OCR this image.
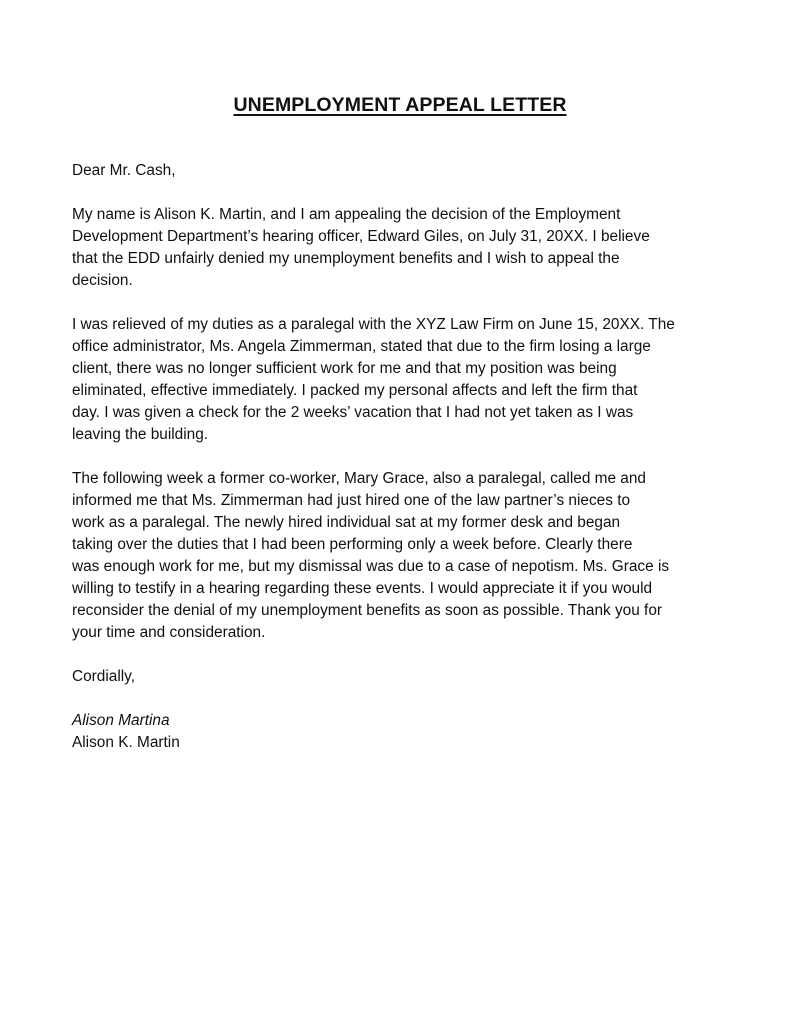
UNEMPLOYMENT APPEAL LETTER

Dear Mr. Cash,

My name is Alison K. Martin, and I am appealing the decision of the Employment
Development Department’s hearing officer, Edward Giles, on July 31, 20XX. I believe
that the EDD unfairly denied my unemployment benefits and I wish to appeal the
decision.

I was relieved of my duties as a paralegal with the XYZ Law Firm on June 15, 20XX. The
office administrator, Ms. Angela Zimmerman, stated that due to the firm losing a large
client, there was no longer sufficient work for me and that my position was being
eliminated, effective immediately. I packed my personal affects and left the firm that
day. I was given a check for the 2 weeks’ vacation that I had not yet taken as I was
leaving the building.

The following week a former co-worker, Mary Grace, also a paralegal, called me and
informed me that Ms. Zimmerman had just hired one of the law partner’s nieces to
work as a paralegal. The newly hired individual sat at my former desk and began
taking over the duties that I had been performing only a week before. Clearly there
was enough work for me, but my dismissal was due to a case of nepotism. Ms. Grace is
willing to testify in a hearing regarding these events. I would appreciate it if you would
reconsider the denial of my unemployment benefits as soon as possible. Thank you for
your time and consideration.

Cordially,

Alison Martina
Alison K. Martin
